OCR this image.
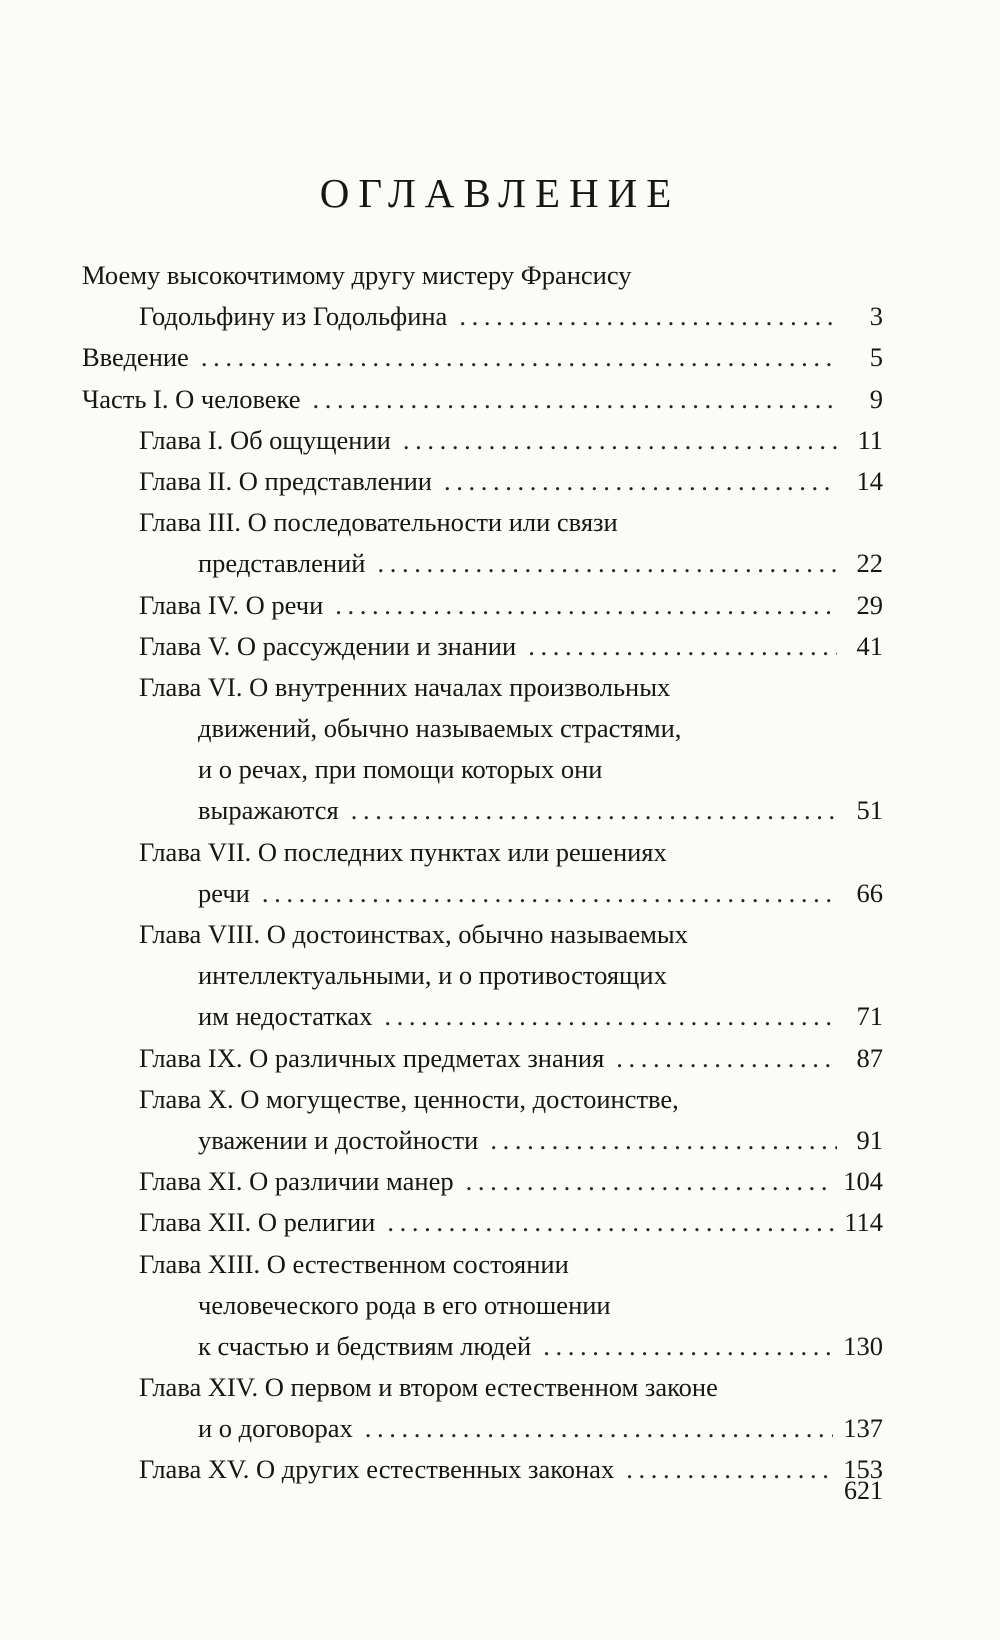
ОГЛАВЛЕНИЕ
Моему высокочтимому другу мистеру Франсису
Годольфину из Годольфина . . .	3
Введение . . .	5
Часть I. О человеке . . .	9
Глава I. Об ощущении . . .	11
Глава II. О представлении . . .	14
Глава III. О последовательности или связи
представлений . . .	22
Глава IV. О речи . . .	29
Глава V. О рассуждении и знании . . .	41
Глава VI. О внутренних началах произвольных
движений, обычно называемых страстями,
и о речах, при помощи которых они
выражаются . . .	51
Глава VII. О последних пунктах или решениях
речи . . .	66
Глава VIII. О достоинствах, обычно называемых
интеллектуальными, и о противостоящих
им недостатках . . .	71
Глава IX. О различных предметах знания . . .	87
Глава X. О могуществе, ценности, достоинстве,
уважении и достойности . . .	91
Глава XI. О различии манер . . .	104
Глава XII. О религии . . .	114
Глава XIII. О естественном состоянии
человеческого рода в его отношении
к счастью и бедствиям людей . . .	130
Глава XIV. О первом и втором естественном законе
и о договорах . . .	137
Глава XV. О других естественных законах . . .	153
621
